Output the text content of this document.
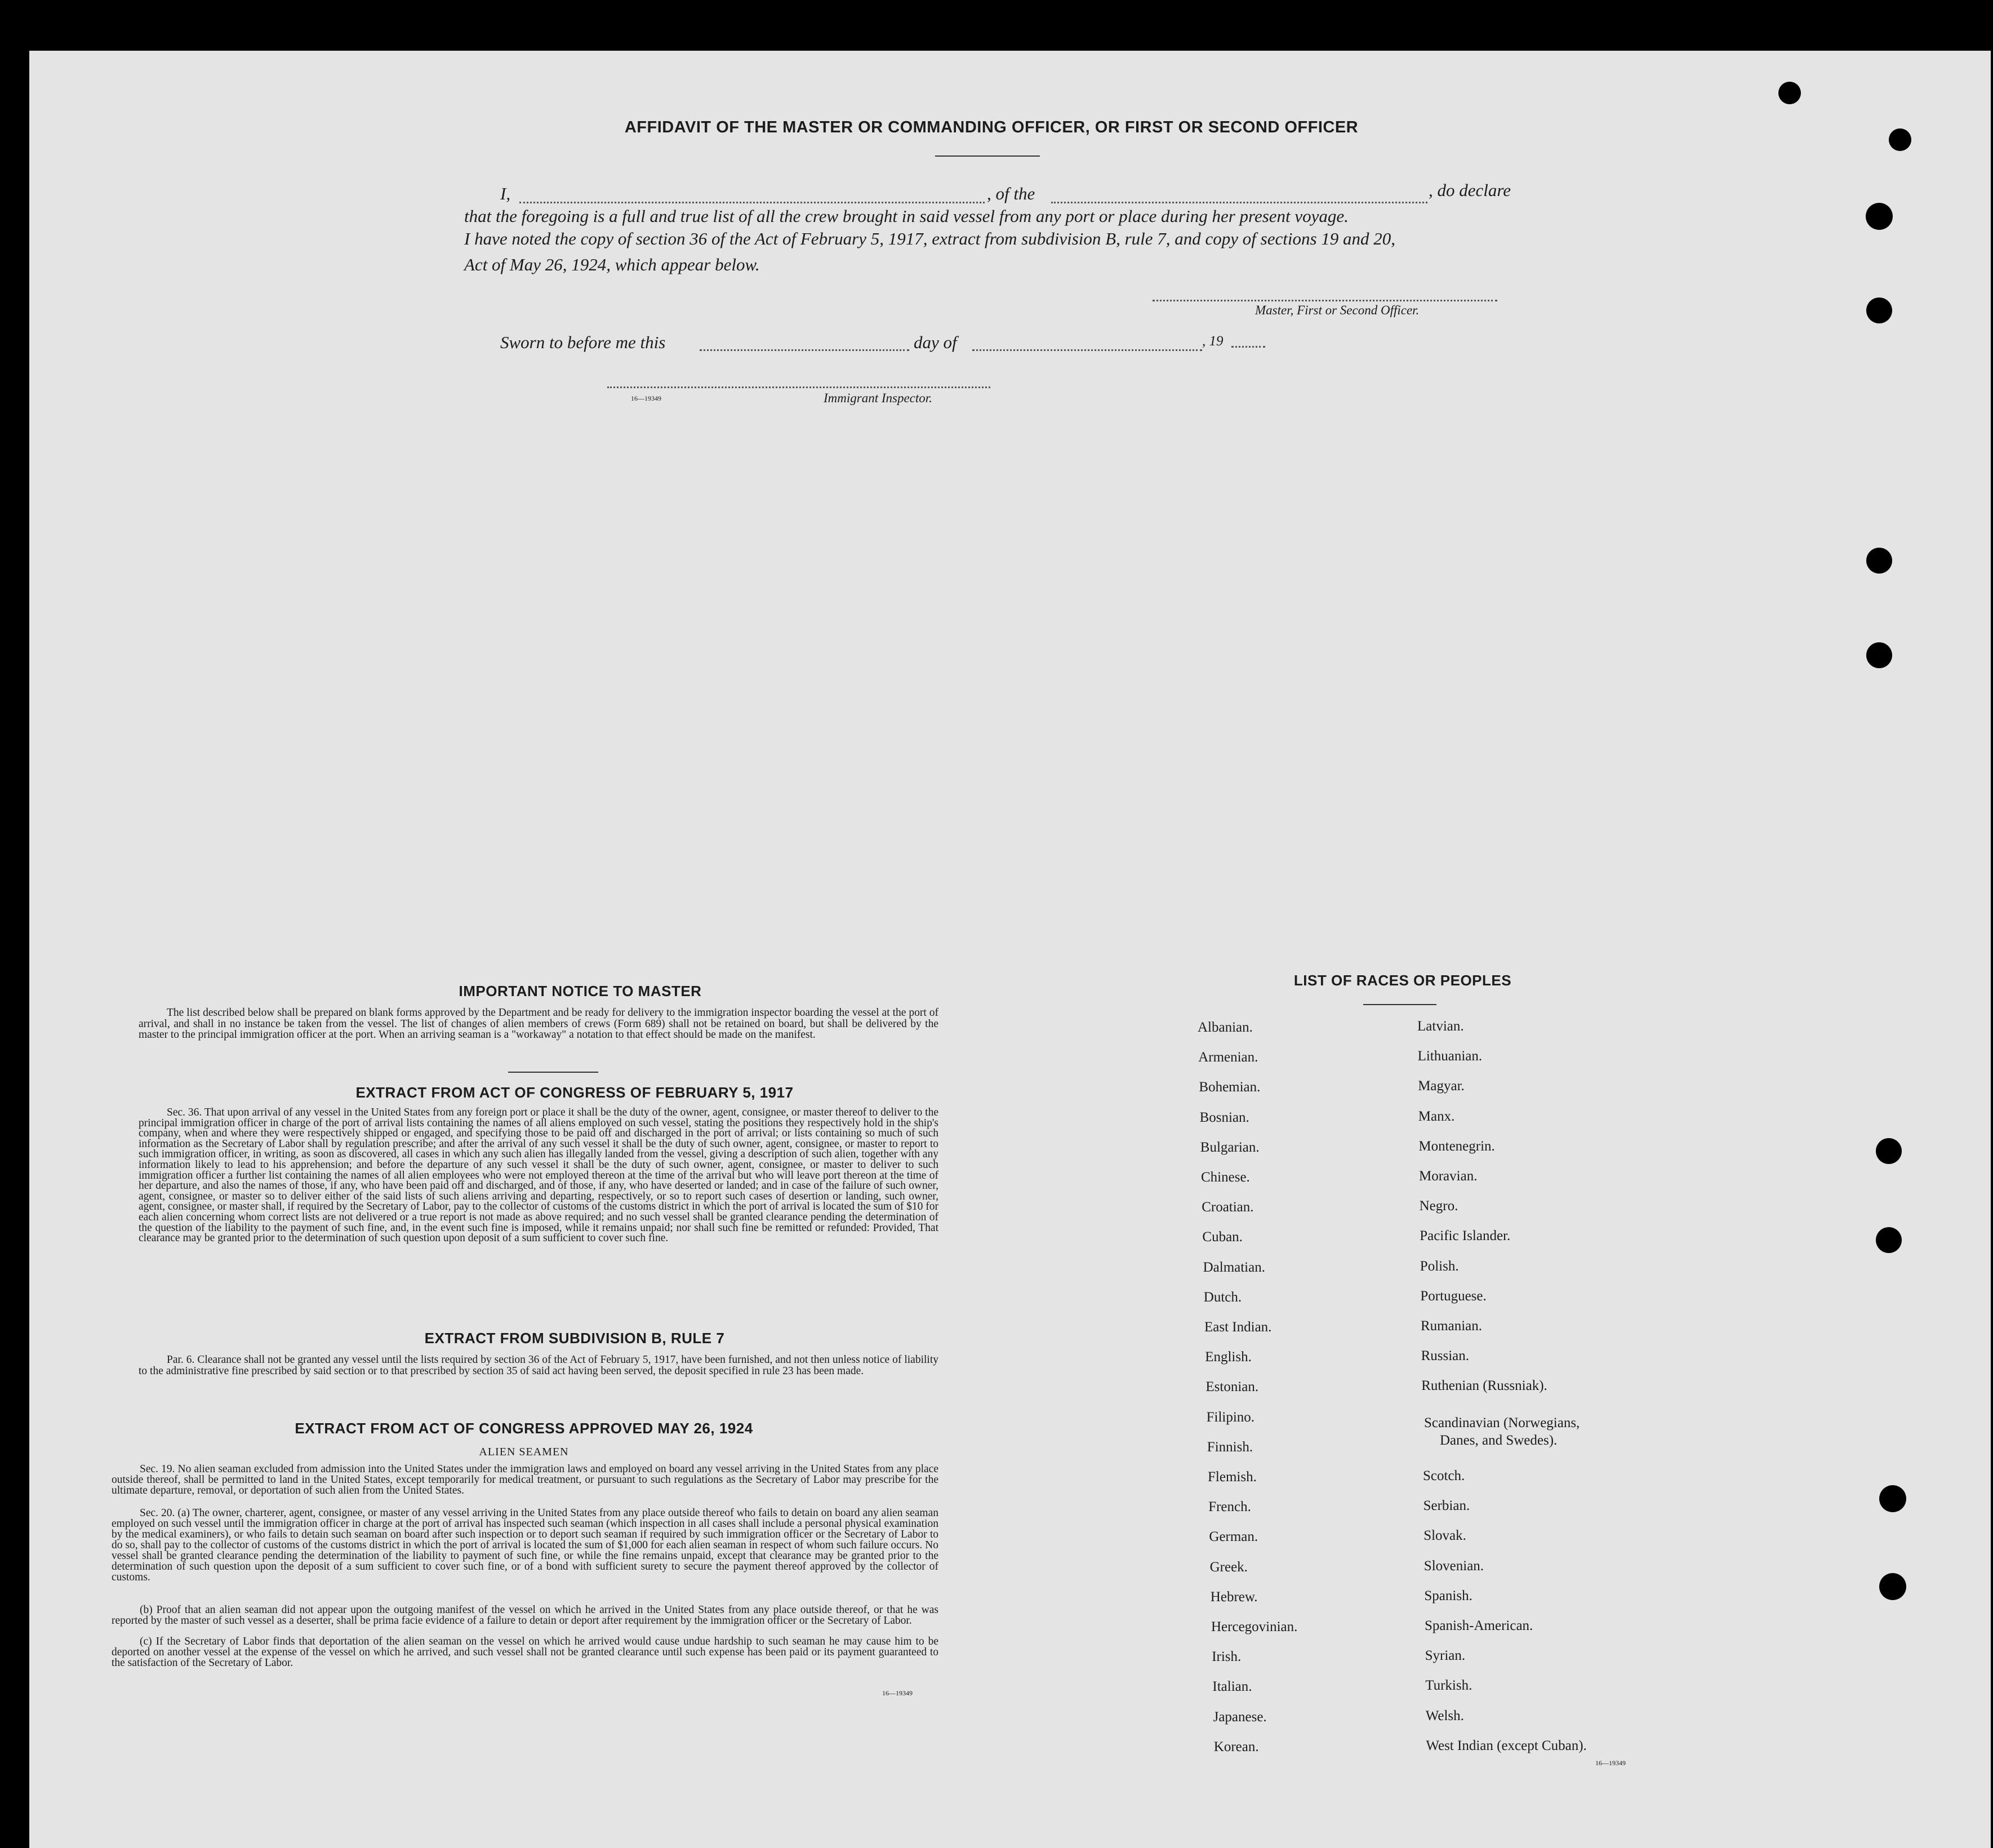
AFFIDAVIT OF THE MASTER OR COMMANDING OFFICER, OR FIRST OR SECOND OFFICER
I,	, of the	, do declare
that the foregoing is a full and true list of all the crew brought in said vessel from any port or place during her present voyage.
I have noted the copy of section 36 of the Act of February 5, 1917, extract from subdivision B, rule 7, and copy of sections 19 and 20,
Act of May 26, 1924, which appear below.
Master, First or Second Officer.
Sworn to before me this	day of	, 19
16—19349	Immigrant Inspector.
IMPORTANT NOTICE TO MASTER
The list described below shall be prepared on blank forms approved by the Department and be ready for delivery to the immigration inspector boarding the vessel at the port of arrival, and shall in no instance be taken from the vessel. The list of changes of alien members of crews (Form 689) shall not be retained on board, but shall be delivered by the master to the principal immigration officer at the port. When an arriving seaman is a "workaway" a notation to that effect should be made on the manifest.
EXTRACT FROM ACT OF CONGRESS OF FEBRUARY 5, 1917
Sec. 36. That upon arrival of any vessel in the United States from any foreign port or place it shall be the duty of the owner, agent, consignee, or master thereof to deliver to the principal immigration officer in charge of the port of arrival lists containing the names of all aliens employed on such vessel, stating the positions they respectively hold in the ship's company, when and where they were respectively shipped or engaged, and specifying those to be paid off and discharged in the port of arrival; or lists containing so much of such information as the Secretary of Labor shall by regulation prescribe; and after the arrival of any such vessel it shall be the duty of such owner, agent, consignee, or master to report to such immigration officer, in writing, as soon as discovered, all cases in which any such alien has illegally landed from the vessel, giving a description of such alien, together with any information likely to lead to his apprehension; and before the departure of any such vessel it shall be the duty of such owner, agent, consignee, or master to deliver to such immigration officer a further list containing the names of all alien employees who were not employed thereon at the time of the arrival but who will leave port thereon at the time of her departure, and also the names of those, if any, who have been paid off and discharged, and of those, if any, who have deserted or landed; and in case of the failure of such owner, agent, consignee, or master so to deliver either of the said lists of such aliens arriving and departing, respectively, or so to report such cases of desertion or landing, such owner, agent, consignee, or master shall, if required by the Secretary of Labor, pay to the collector of customs of the customs district in which the port of arrival is located the sum of $10 for each alien concerning whom correct lists are not delivered or a true report is not made as above required; and no such vessel shall be granted clearance pending the determination of the question of the liability to the payment of such fine, and, in the event such fine is imposed, while it remains unpaid; nor shall such fine be remitted or refunded: Provided, That clearance may be granted prior to the determination of such question upon deposit of a sum sufficient to cover such fine.
EXTRACT FROM SUBDIVISION B, RULE 7
Par. 6. Clearance shall not be granted any vessel until the lists required by section 36 of the Act of February 5, 1917, have been furnished, and not then unless notice of liability to the administrative fine prescribed by said section or to that prescribed by section 35 of said act having been served, the deposit specified in rule 23 has been made.
EXTRACT FROM ACT OF CONGRESS APPROVED MAY 26, 1924
ALIEN SEAMEN
Sec. 19. No alien seaman excluded from admission into the United States under the immigration laws and employed on board any vessel arriving in the United States from any place outside thereof, shall be permitted to land in the United States, except temporarily for medical treatment, or pursuant to such regulations as the Secretary of Labor may prescribe for the ultimate departure, removal, or deportation of such alien from the United States.
Sec. 20. (a) The owner, charterer, agent, consignee, or master of any vessel arriving in the United States from any place outside thereof who fails to detain on board any alien seaman employed on such vessel until the immigration officer in charge at the port of arrival has inspected such seaman (which inspection in all cases shall include a personal physical examination by the medical examiners), or who fails to detain such seaman on board after such inspection or to deport such seaman if required by such immigration officer or the Secretary of Labor to do so, shall pay to the collector of customs of the customs district in which the port of arrival is located the sum of $1,000 for each alien seaman in respect of whom such failure occurs. No vessel shall be granted clearance pending the determination of the liability to payment of such fine, or while the fine remains unpaid, except that clearance may be granted prior to the determination of such question upon the deposit of a sum sufficient to cover such fine, or of a bond with sufficient surety to secure the payment thereof approved by the collector of customs.
(b) Proof that an alien seaman did not appear upon the outgoing manifest of the vessel on which he arrived in the United States from any place outside thereof, or that he was reported by the master of such vessel as a deserter, shall be prima facie evidence of a failure to detain or deport after requirement by the immigration officer or the Secretary of Labor.
(c) If the Secretary of Labor finds that deportation of the alien seaman on the vessel on which he arrived would cause undue hardship to such seaman he may cause him to be deported on another vessel at the expense of the vessel on which he arrived, and such vessel shall not be granted clearance until such expense has been paid or its payment guaranteed to the satisfaction of the Secretary of Labor.
16—19349
LIST OF RACES OR PEOPLES
Albanian.
Armenian.
Bohemian.
Bosnian.
Bulgarian.
Chinese.
Croatian.
Cuban.
Dalmatian.
Dutch.
East Indian.
English.
Estonian.
Filipino.
Finnish.
Flemish.
French.
German.
Greek.
Hebrew.
Hercegovinian.
Irish.
Italian.
Japanese.
Korean.
Latvian.
Lithuanian.
Magyar.
Manx.
Montenegrin.
Moravian.
Negro.
Pacific Islander.
Polish.
Portuguese.
Rumanian.
Russian.
Ruthenian (Russniak).
Scotch.
Serbian.
Slovak.
Slovenian.
Spanish.
Spanish-American.
Syrian.
Turkish.
Welsh.
West Indian (except Cuban).
Scandinavian (Norwegians,
Danes, and Swedes).
16—19349
